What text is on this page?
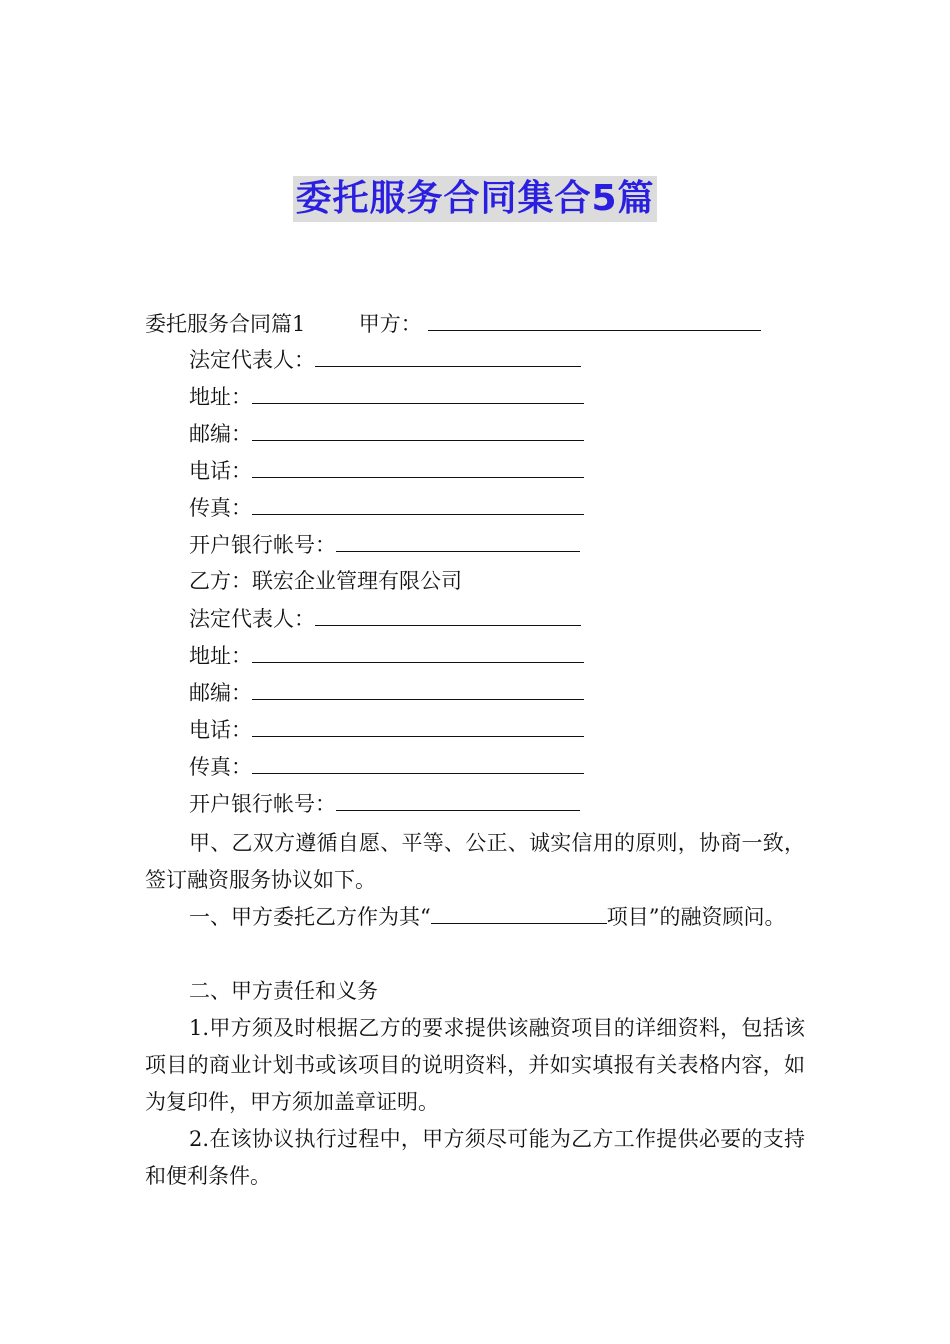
委托服务合同集合5篇
委托服务合同篇1	甲方：
法定代表人：
地址：
邮编：
电话：
传真：
开户银行帐号：
乙方：联宏企业管理有限公司
法定代表人：
地址：
邮编：
电话：
传真：
开户银行帐号：
甲、乙双方遵循自愿、平等、公正、诚实信用的原则，协商一致，签订融资服务协议如下。
一、甲方委托乙方作为其“	项目”的融资顾问。
二、甲方责任和义务
1.甲方须及时根据乙方的要求提供该融资项目的详细资料，包括该项目的商业计划书或该项目的说明资料，并如实填报有关表格内容，如为复印件，甲方须加盖章证明。
2.在该协议执行过程中，甲方须尽可能为乙方工作提供必要的支持和便利条件。
